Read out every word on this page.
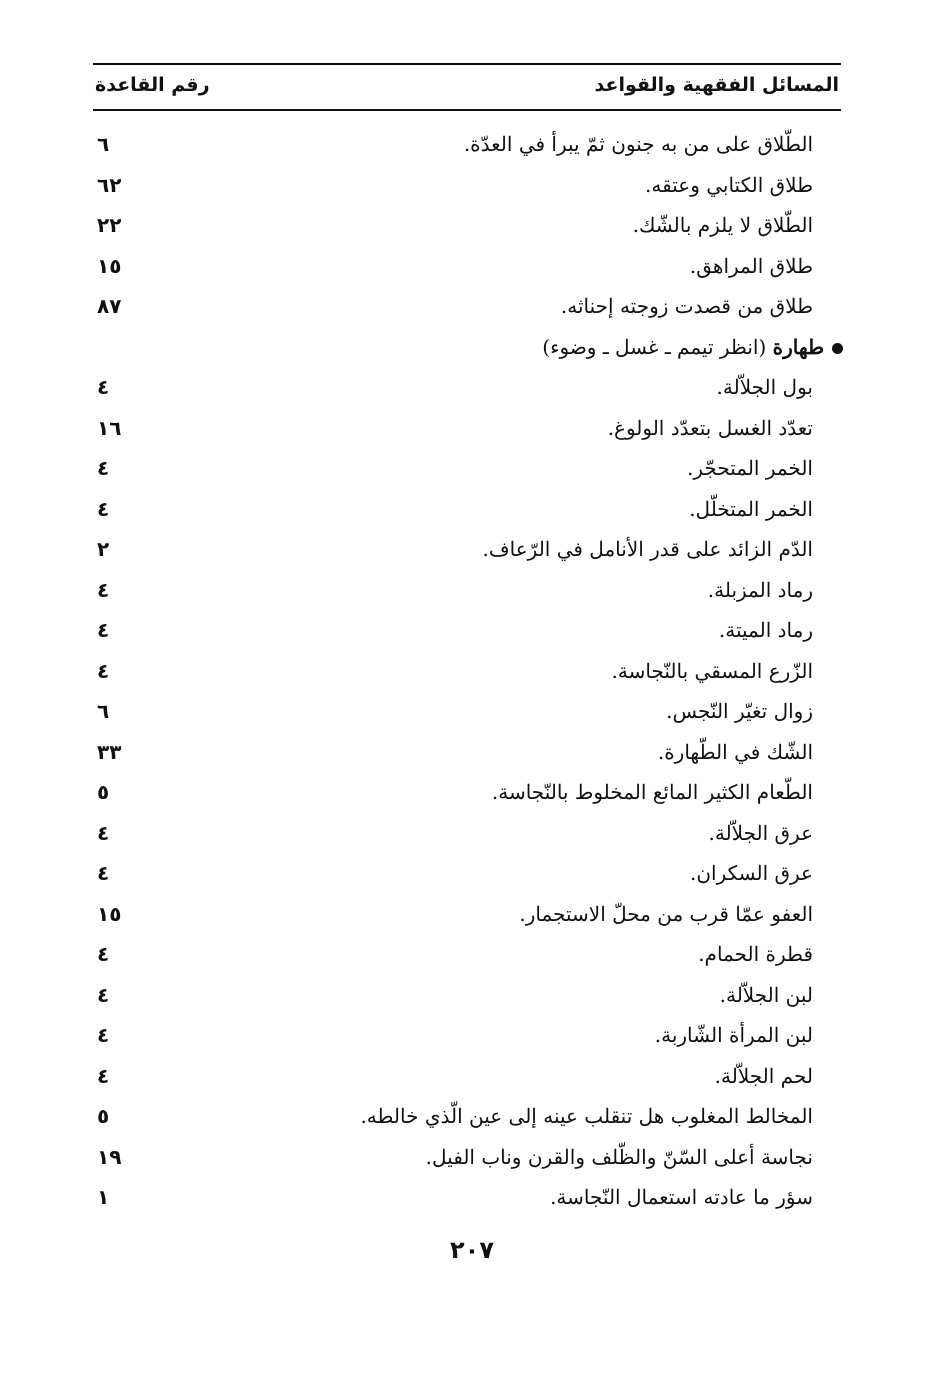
المسائل الفقهية والقواعد
رقم القاعدة
الطّلاق على من به جنون ثمّ يبرأ في العدّة.
٦
طلاق الكتابي وعتقه.
٦٢
الطّلاق لا يلزم بالشّك.
٢٢
طلاق المراهق.
١٥
طلاق من قصدت زوجته إحناثه.
٨٧
طهارة (انظر تيمم ـ غسل ـ وضوء)
بول الجلاّلة.
٤
تعدّد الغسل بتعدّد الولوغ.
١٦
الخمر المتحجّر.
٤
الخمر المتخلّل.
٤
الدّم الزائد على قدر الأنامل في الرّعاف.
٢
رماد المزبلة.
٤
رماد الميتة.
٤
الزّرع المسقي بالنّجاسة.
٤
زوال تغيّر النّجس.
٦
الشّك في الطّهارة.
٣٣
الطّعام الكثير المائع المخلوط بالنّجاسة.
٥
عرق الجلاّلة.
٤
عرق السكران.
٤
العفو عمّا قرب من محلّ الاستجمار.
١٥
قطرة الحمام.
٤
لبن الجلاّلة.
٤
لبن المرأة الشّاربة.
٤
لحم الجلاّلة.
٤
المخالط المغلوب هل تنقلب عينه إلى عين الّذي خالطه.
٥
نجاسة أعلى السّنّ والظّلف والقرن وناب الفيل.
١٩
سؤر ما عادته استعمال النّجاسة.
١
٢٠٧
